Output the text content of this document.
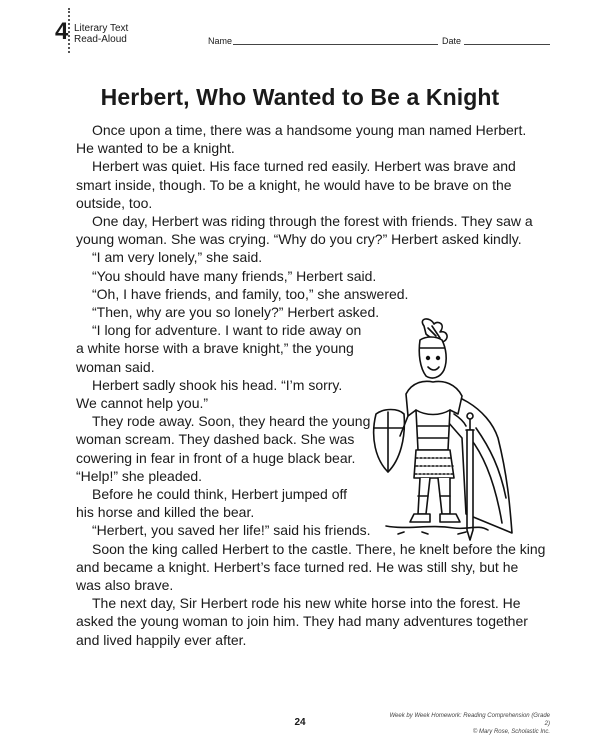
4 Literary Text
Read-Aloud	Name	Date
Herbert, Who Wanted to Be a Knight

Once upon a time, there was a handsome young man named Herbert. He wanted to be a knight.

Herbert was quiet. His face turned red easily. Herbert was brave and smart inside, though. To be a knight, he would have to be brave on the outside, too.

One day, Herbert was riding through the forest with friends. They saw a young woman. She was crying. “Why do you cry?” Herbert asked kindly.

“I am very lonely,” she said.

“You should have many friends,” Herbert said.

“Oh, I have friends, and family, too,” she answered.

“Then, why are you so lonely?” Herbert asked.

“I long for adventure. I want to ride away on

a white horse with a brave knight,” the young

woman said.

Herbert sadly shook his head. “I’m sorry.

We cannot help you.”

They rode away. Soon, they heard the young

woman scream. They dashed back. She was

cowering in fear in front of a huge black bear.

“Help!” she pleaded.

Before he could think, Herbert jumped off

his horse and killed the bear.

“Herbert, you saved her life!” said his friends.

Soon the king called Herbert to the castle. There, he knelt before the king and became a knight. Herbert’s face turned red. He was still shy, but he was also brave.

The next day, Sir Herbert rode his new white horse into the forest. He asked the young woman to join him. They had many adventures together and lived happily ever after.

Week by Week Homework: Reading Comprehension (Grade 2)
© Mary Rose, Scholastic Inc.
24
